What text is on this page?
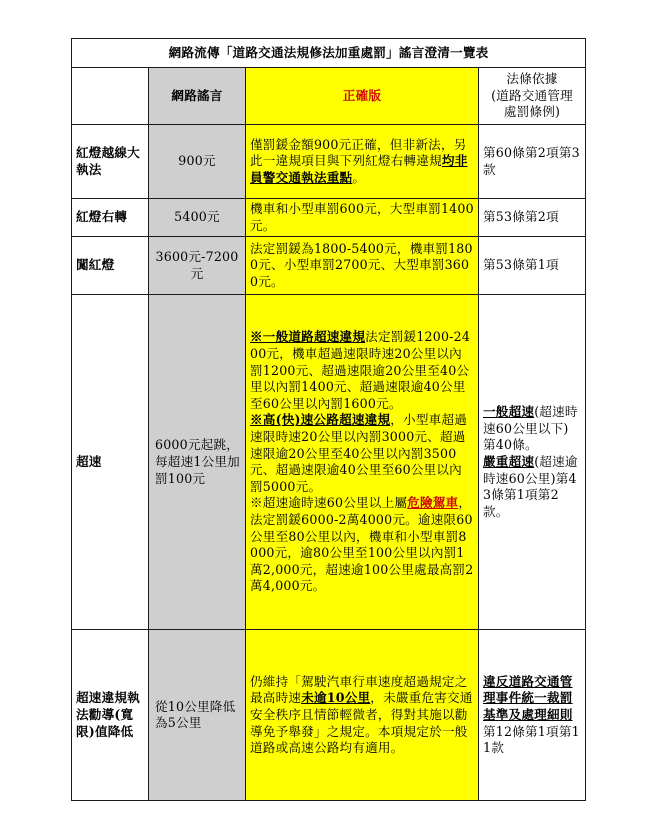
網路流傳「道路交通法規修法加重處罰」謠言澄清一覽表			
	網路謠言	正確版	法條依據
(道路交通管理
處罰條例)

紅燈越線大執法	900元	僅罰鍰金額900元正確，但非新法，另此一違規項目與下列紅燈右轉違規均非員警交通執法重點。	第60條第2項第3款
紅燈右轉	5400元	機車和小型車罰600元，大型車罰1400元。	第53條第2項
闖紅燈	3600元-7200元	法定罰鍰為1800-5400元，機車罰1800元、小型車罰2700元、大型車罰3600元。	第53條第1項
超速	6000元起跳，每超速1公里加罰100元	※一般道路超速違規法定罰鍰1200-2400元，機車超過速限時速20公里以內罰1200元、超過速限逾20公里至40公里以內罰1400元、超過速限逾40公里至60公里以內罰1600元。
※高(快)速公路超速違規，小型車超過速限時速20公里以內罰3000元、超過速限逾20公里至40公里以內罰3500元、超過速限逾40公里至60公里以內罰5000元。
※超速逾時速60公里以上屬危險駕車，法定罰鍰6000-2萬4000元。逾速限60公里至80公里以內，機車和小型車罰8000元，逾80公里至100公里以內罰1萬2,000元，超速逾100公里處最高罰2萬4,000元。	一般超速(超速時速60公里以下)第40條。
嚴重超速(超速逾時速60公里)第43條第1項第2款。
超速違規執法勸導(寬限)值降低	從10公里降低為5公里	仍維持「駕駛汽車行車速度超過規定之最高時速未逾10公里，未嚴重危害交通安全秩序且情節輕微者，得對其施以勸導免予舉發」之規定。本項規定於一般道路或高速公路均有適用。	違反道路交通管理事件統一裁罰基準及處理細則第12條第1項第11款
